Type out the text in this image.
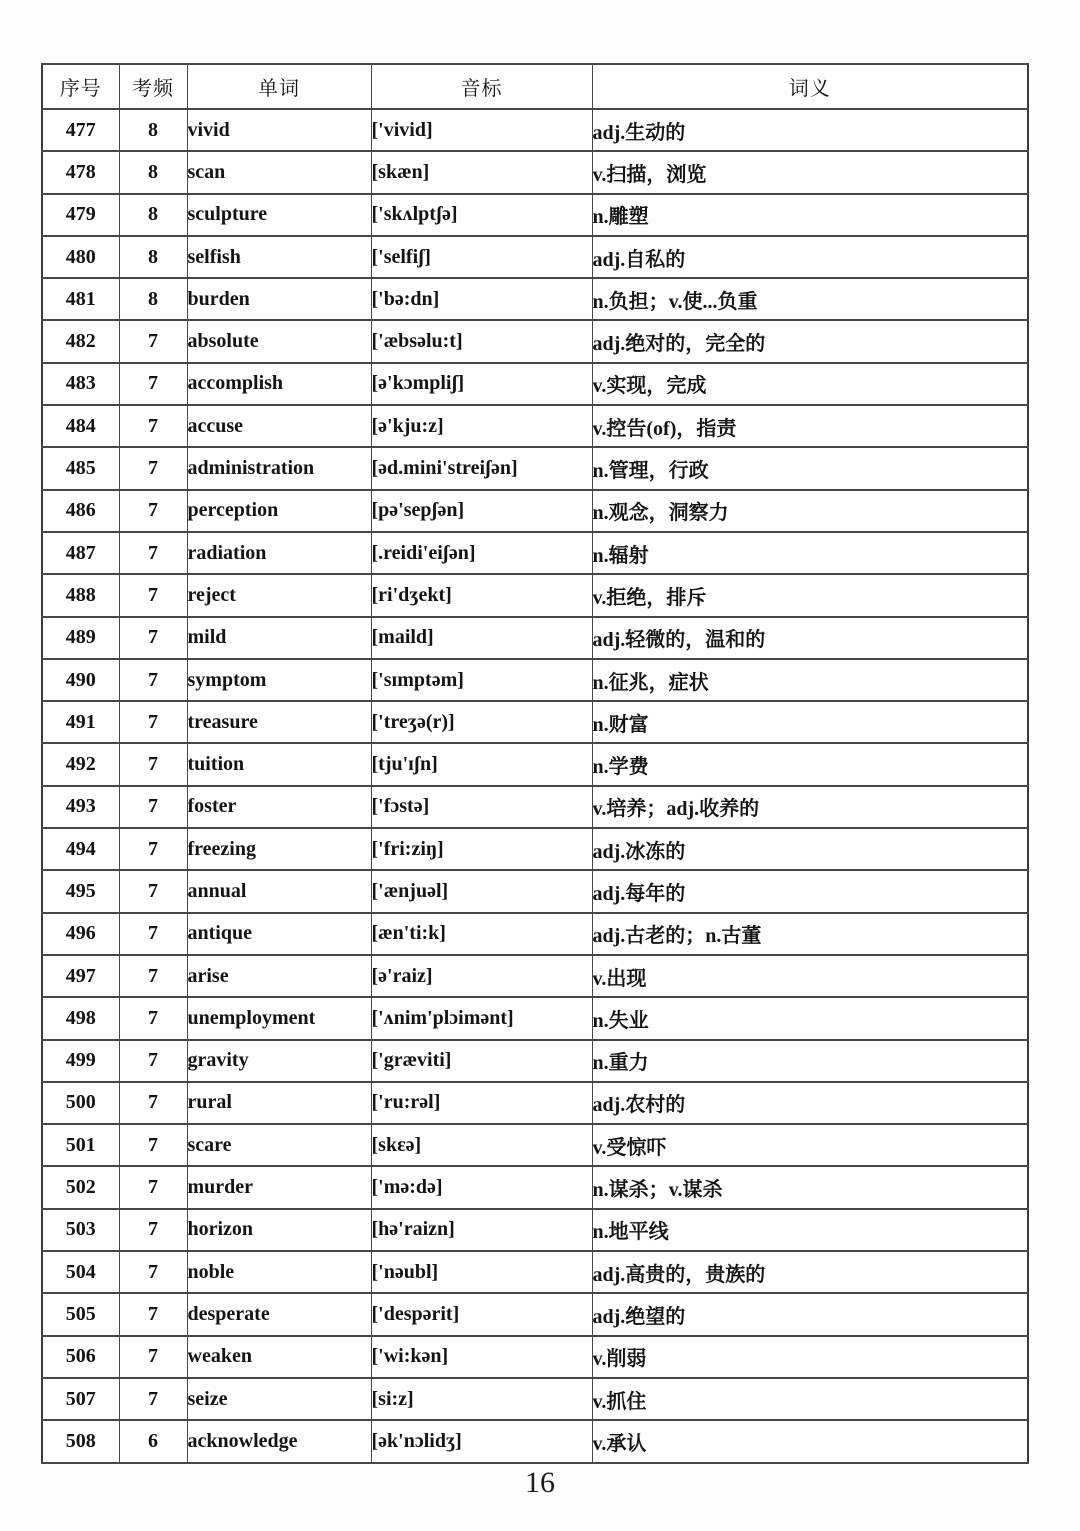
序号	考频	单词	音标	词义
477	8	vivid	['vivid]	adj.生动的
478	8	scan	[skæn]	v.扫描，浏览
479	8	sculpture	['skʌlptʃə]	n.雕塑
480	8	selfish	['selfiʃ]	adj.自私的
481	8	burden	['bə:dn]	n.负担；v.使...负重
482	7	absolute	['æbsəlu:t]	adj.绝对的，完全的
483	7	accomplish	[ə'kɔmpliʃ]	v.实现，完成
484	7	accuse	[ə'kju:z]	v.控告(of)，指责
485	7	administration	[əd.mini'streiʃən]	n.管理，行政
486	7	perception	[pə'sepʃən]	n.观念，洞察力
487	7	radiation	[.reidi'eiʃən]	n.辐射
488	7	reject	[ri'dʒekt]	v.拒绝，排斥
489	7	mild	[maild]	adj.轻微的，温和的
490	7	symptom	['sɪmptəm]	n.征兆，症状
491	7	treasure	['treʒə(r)]	n.财富
492	7	tuition	[tju'ɪʃn]	n.学费
493	7	foster	['fɔstə]	v.培养；adj.收养的
494	7	freezing	['fri:ziŋ]	adj.冰冻的
495	7	annual	['ænjuəl]	adj.每年的
496	7	antique	[æn'ti:k]	adj.古老的；n.古董
497	7	arise	[ə'raiz]	v.出现
498	7	unemployment	['ʌnim'plɔimənt]	n.失业
499	7	gravity	['græviti]	n.重力
500	7	rural	['ru:rəl]	adj.农村的
501	7	scare	[skɛə]	v.受惊吓
502	7	murder	['mə:də]	n.谋杀；v.谋杀
503	7	horizon	[hə'raizn]	n.地平线
504	7	noble	['nəubl]	adj.高贵的，贵族的
505	7	desperate	['despərit]	adj.绝望的
506	7	weaken	['wi:kən]	v.削弱
507	7	seize	[si:z]	v.抓住
508	6	acknowledge	[ək'nɔlidʒ]	v.承认
16
